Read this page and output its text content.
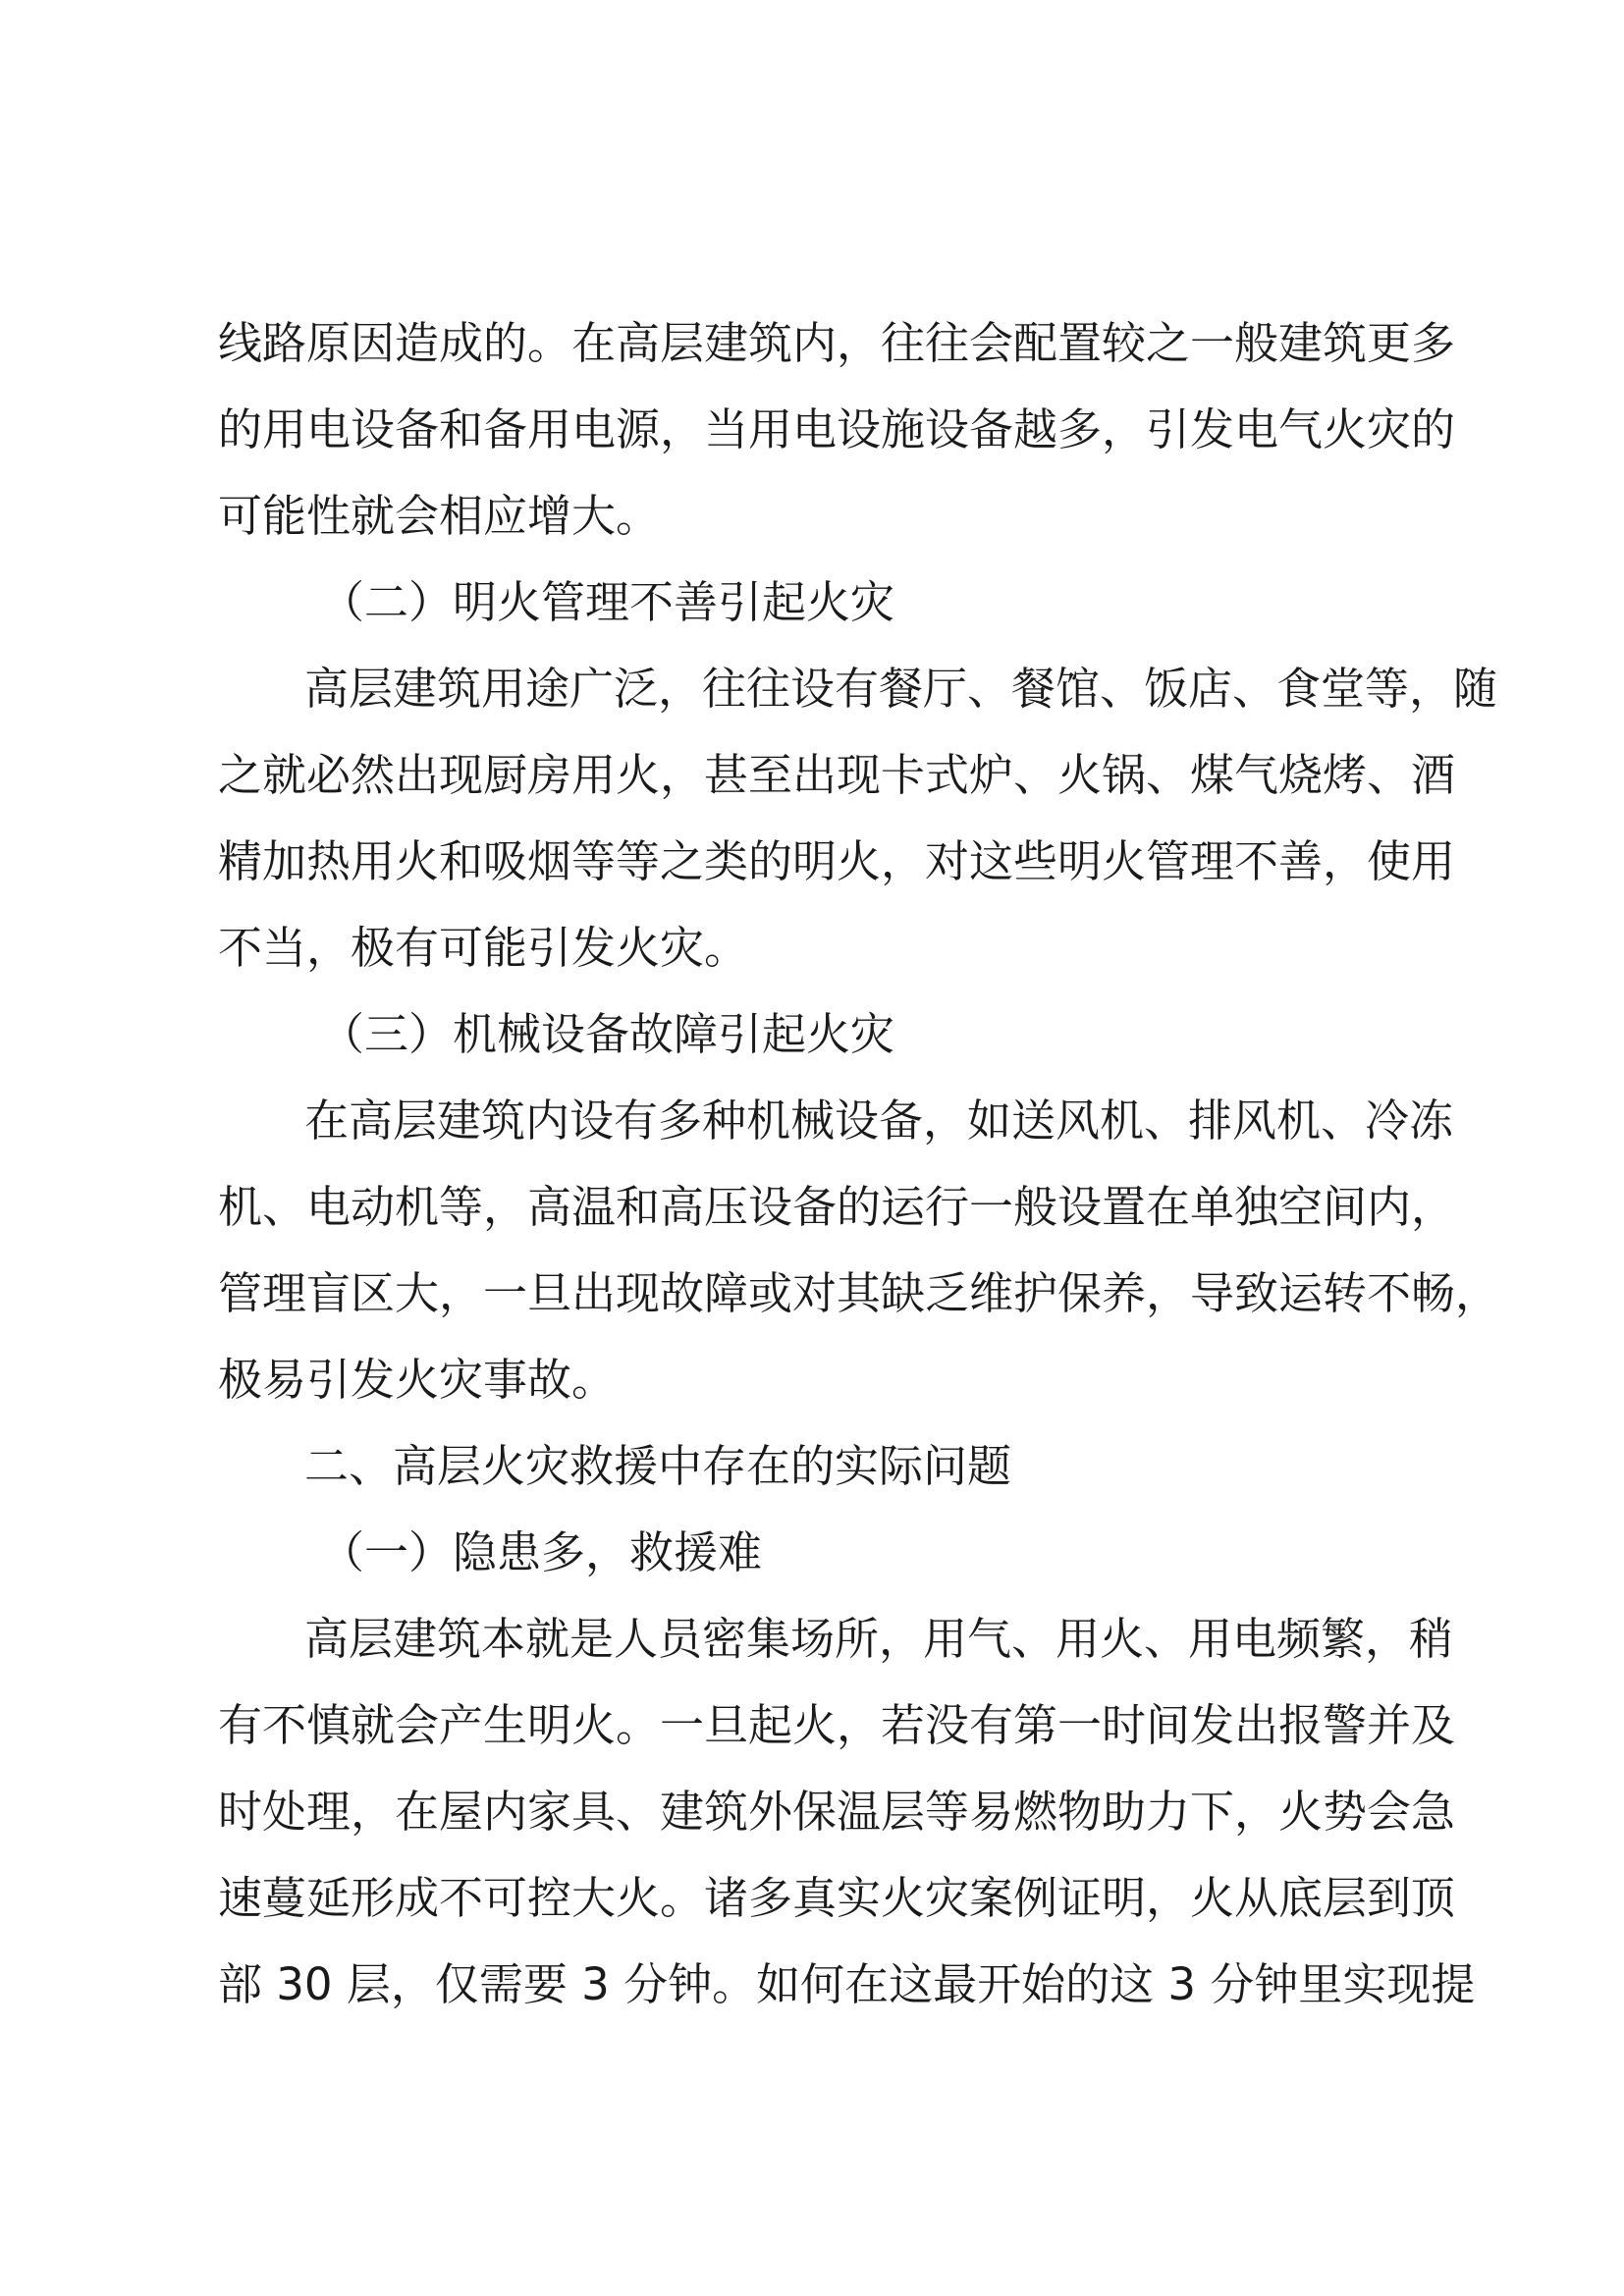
线路原因造成的。在高层建筑内，往往会配置较之一般建筑更多
的用电设备和备用电源，当用电设施设备越多，引发电气火灾的
可能性就会相应增大。
（二）明火管理不善引起火灾
高层建筑用途广泛，往往设有餐厅、餐馆、饭店、食堂等，随
之就必然出现厨房用火，甚至出现卡式炉、火锅、煤气烧烤、酒
精加热用火和吸烟等等之类的明火，对这些明火管理不善，使用
不当，极有可能引发火灾。
（三）机械设备故障引起火灾
在高层建筑内设有多种机械设备，如送风机、排风机、冷冻
机、电动机等，高温和高压设备的运行一般设置在单独空间内，
管理盲区大，一旦出现故障或对其缺乏维护保养，导致运转不畅，
极易引发火灾事故。
二、高层火灾救援中存在的实际问题
（一）隐患多，救援难
高层建筑本就是人员密集场所，用气、用火、用电频繁，稍
有不慎就会产生明火。一旦起火，若没有第一时间发出报警并及
时处理，在屋内家具、建筑外保温层等易燃物助力下，火势会急
速蔓延形成不可控大火。诸多真实火灾案例证明，火从底层到顶
部 30 层，仅需要 3 分钟。如何在这最开始的这 3 分钟里实现提
